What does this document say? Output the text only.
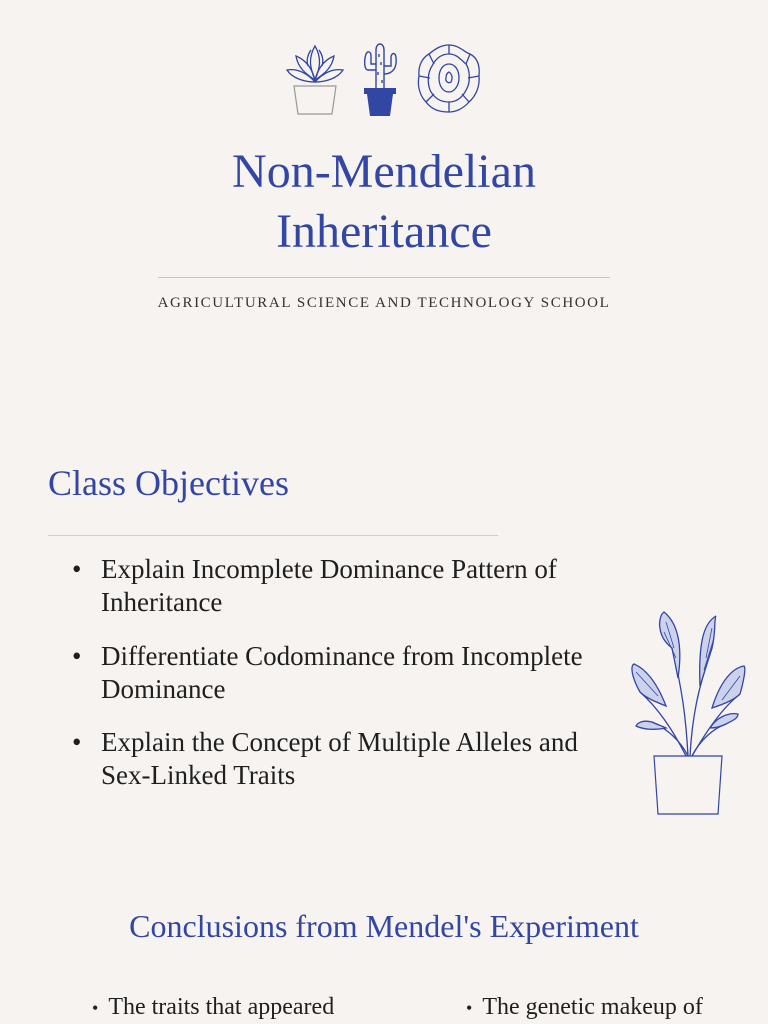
Non-Mendelian Inheritance
AGRICULTURAL SCIENCE AND TECHNOLOGY SCHOOL
Class Objectives
• Explain Incomplete Dominance Pattern of Inheritance
• Differentiate Codominance from Incomplete Dominance
• Explain the Concept of Multiple Alleles and Sex-Linked Traits
Conclusions from Mendel's Experiment
• The traits that appeared	• The genetic makeup of
